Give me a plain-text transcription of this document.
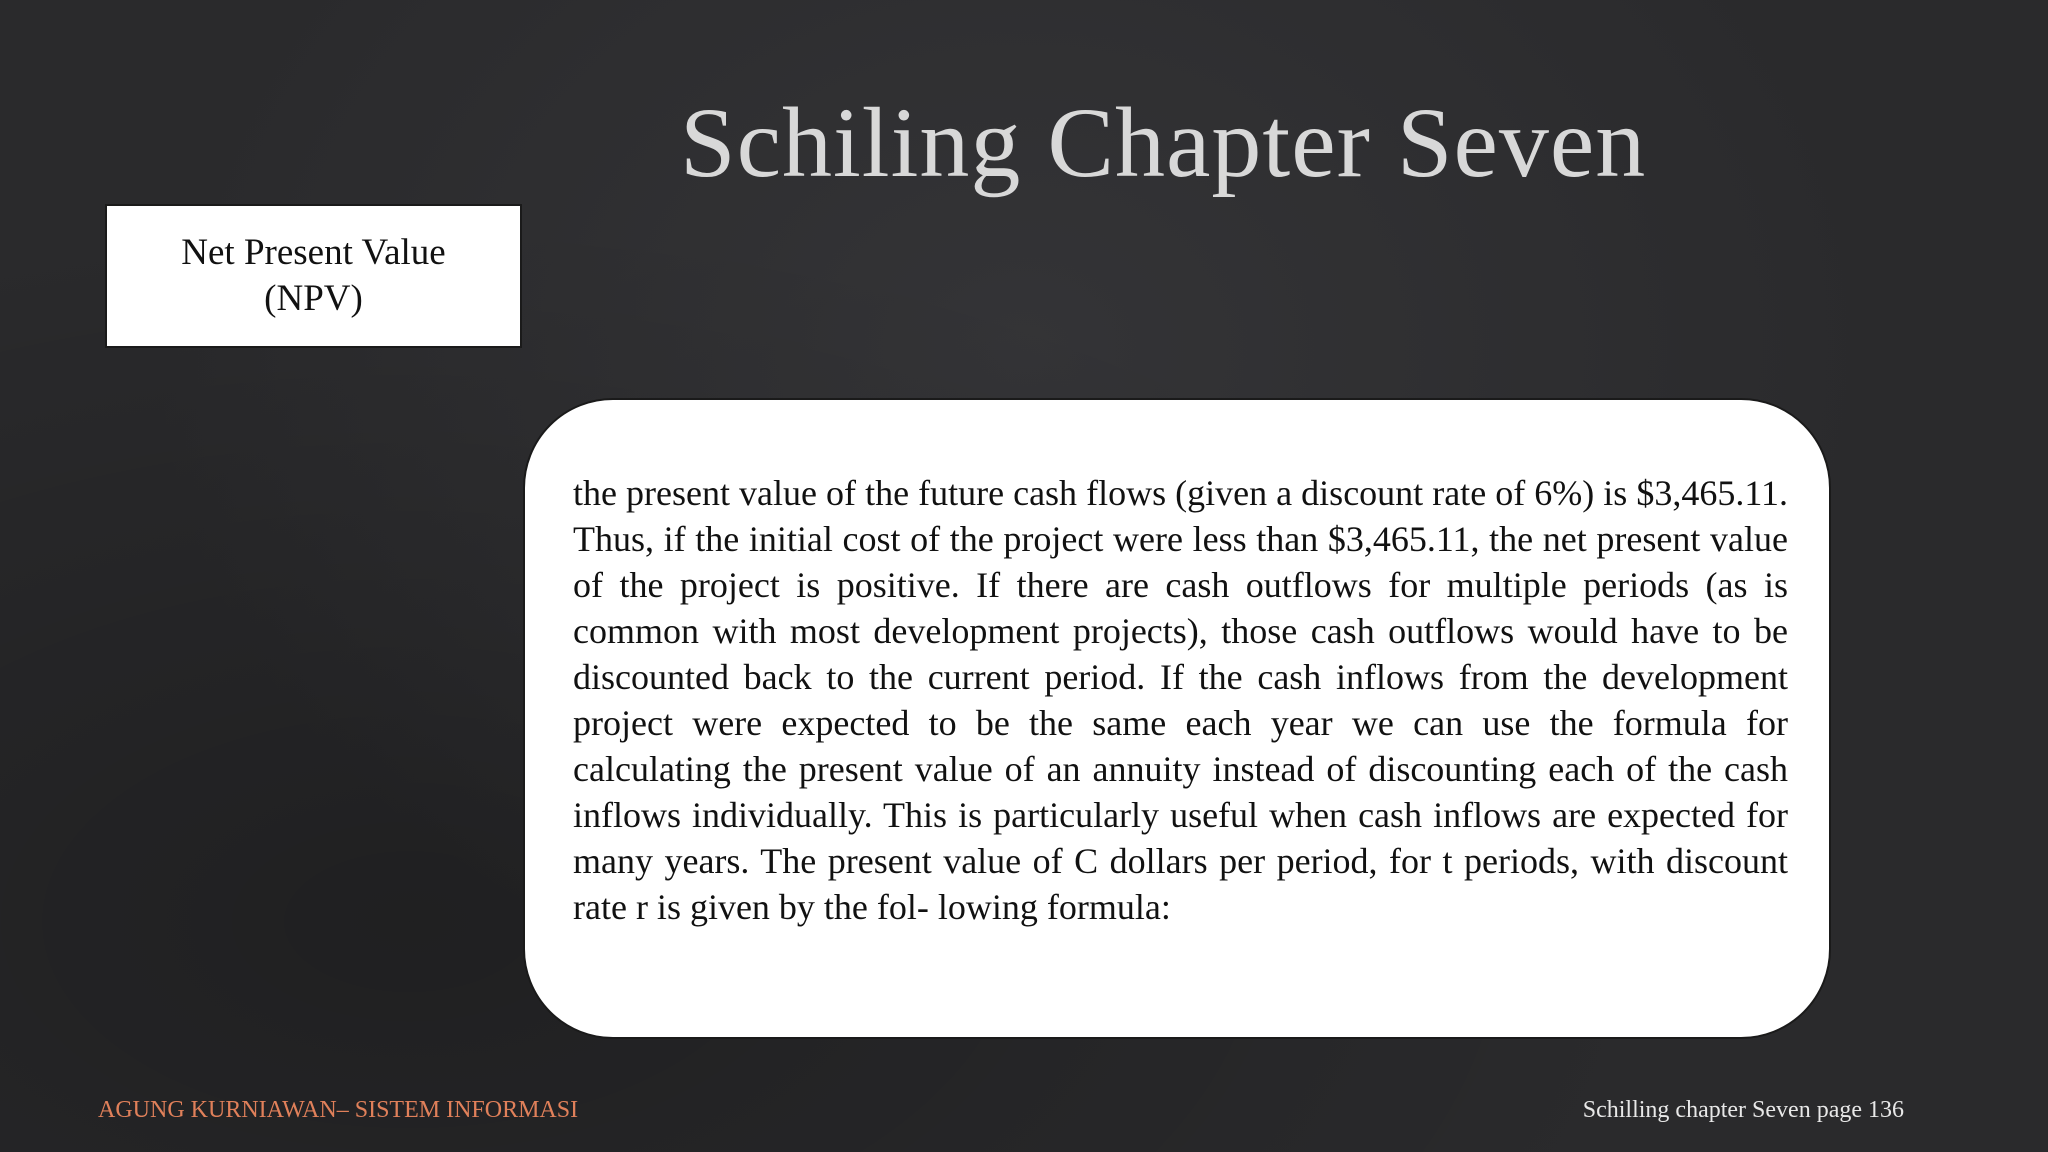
Schiling Chapter Seven
Net Present Value (NPV)

the present value of the future cash flows (given a discount rate of 6%) is $3,465.11. Thus, if the initial cost of the project were less than $3,465.11, the net present value of the project is positive. If there are cash outflows for multiple periods (as is common with most development projects), those cash outflows would have to be discounted back to the current period. If the cash inflows from the development project were expected to be the same each year we can use the formula for calculating the present value of an annuity instead of discounting each of the cash inflows individually. This is particularly useful when cash inflows are expected for many years. The present value of C dollars per period, for t periods, with discount rate r is given by the fol- lowing formula:

AGUNG KURNIAWAN– SISTEM INFORMASI	Schilling chapter Seven page 136
